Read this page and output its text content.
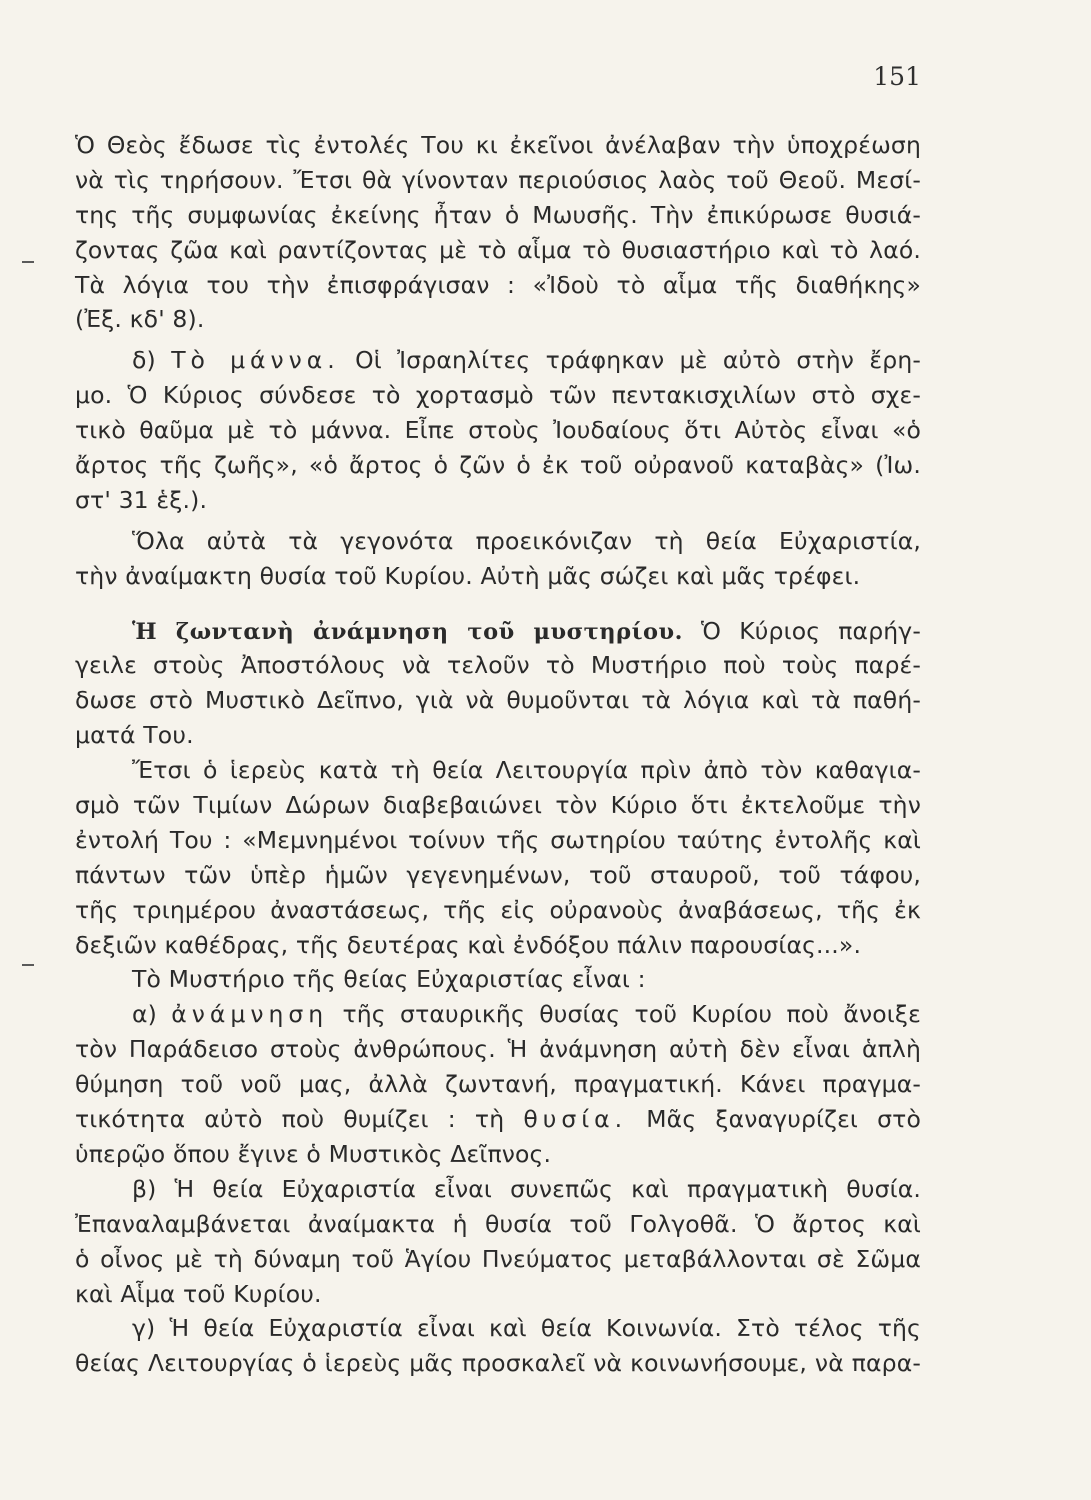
151
Ὁ Θεὸς ἔδωσε τὶς ἐντολές Του κι ἐκεῖνοι ἀνέλαβαν τὴν ὑποχρέωση
νὰ τὶς τηρήσουν. Ἔτσι θὰ γίνονταν περιούσιος λαὸς τοῦ Θεοῦ. Μεσί-
της τῆς συμφωνίας ἐκείνης ἦταν ὁ Μωυσῆς. Τὴν ἐπικύρωσε θυσιά-
ζοντας ζῶα καὶ ραντίζοντας μὲ τὸ αἷμα τὸ θυσιαστήριο καὶ τὸ λαό.
Τὰ λόγια του τὴν ἐπισφράγισαν : «Ἰδοὺ τὸ αἷμα τῆς διαθήκης»
(Ἐξ. κδ' 8).
δ) Τὸ μάννα. Οἱ Ἰσραηλίτες τράφηκαν μὲ αὐτὸ στὴν ἔρη-
μο. Ὁ Κύριος σύνδεσε τὸ χορτασμὸ τῶν πεντακισχιλίων στὸ σχε-
τικὸ θαῦμα μὲ τὸ μάννα. Εἶπε στοὺς Ἰουδαίους ὅτι Αὐτὸς εἶναι «ὁ
ἄρτος τῆς ζωῆς», «ὁ ἄρτος ὁ ζῶν ὁ ἐκ τοῦ οὐρανοῦ καταβὰς» (Ἰω.
στ' 31 ἑξ.).
Ὅλα αὐτὰ τὰ γεγονότα προεικόνιζαν τὴ θεία Εὐχαριστία,
τὴν ἀναίμακτη θυσία τοῦ Κυρίου. Αὐτὴ μᾶς σώζει καὶ μᾶς τρέφει.
Ἡ ζωντανὴ ἀνάμνηση τοῦ μυστηρίου. Ὁ Κύριος παρήγ-
γειλε στοὺς Ἀποστόλους νὰ τελοῦν τὸ Μυστήριο ποὺ τοὺς παρέ-
δωσε στὸ Μυστικὸ Δεῖπνο, γιὰ νὰ θυμοῦνται τὰ λόγια καὶ τὰ παθή-
ματά Του.
Ἔτσι ὁ ἱερεὺς κατὰ τὴ θεία Λειτουργία πρὶν ἀπὸ τὸν καθαγια-
σμὸ τῶν Τιμίων Δώρων διαβεβαιώνει τὸν Κύριο ὅτι ἐκτελοῦμε τὴν
ἐντολή Του : «Μεμνημένοι τοίνυν τῆς σωτηρίου ταύτης ἐντολῆς καὶ
πάντων τῶν ὑπὲρ ἡμῶν γεγενημένων, τοῦ σταυροῦ, τοῦ τάφου,
τῆς τριημέρου ἀναστάσεως, τῆς εἰς οὐρανοὺς ἀναβάσεως, τῆς ἐκ
δεξιῶν καθέδρας, τῆς δευτέρας καὶ ἐνδόξου πάλιν παρουσίας...».
Τὸ Μυστήριο τῆς θείας Εὐχαριστίας εἶναι :
α) ἀνάμνηση τῆς σταυρικῆς θυσίας τοῦ Κυρίου ποὺ ἄνοιξε
τὸν Παράδεισο στοὺς ἀνθρώπους. Ἡ ἀνάμνηση αὐτὴ δὲν εἶναι ἁπλὴ
θύμηση τοῦ νοῦ μας, ἀλλὰ ζωντανή, πραγματική. Κάνει πραγμα-
τικότητα αὐτὸ ποὺ θυμίζει : τὴ θυσία. Μᾶς ξαναγυρίζει στὸ
ὑπερῷο ὅπου ἔγινε ὁ Μυστικὸς Δεῖπνος.
β) Ἡ θεία Εὐχαριστία εἶναι συνεπῶς καὶ πραγματικὴ θυσία.
Ἐπαναλαμβάνεται ἀναίμακτα ἡ θυσία τοῦ Γολγοθᾶ. Ὁ ἄρτος καὶ
ὁ οἶνος μὲ τὴ δύναμη τοῦ Ἁγίου Πνεύματος μεταβάλλονται σὲ Σῶμα
καὶ Αἷμα τοῦ Κυρίου.
γ) Ἡ θεία Εὐχαριστία εἶναι καὶ θεία Κοινωνία. Στὸ τέλος τῆς
θείας Λειτουργίας ὁ ἱερεὺς μᾶς προσκαλεῖ νὰ κοινωνήσουμε, νὰ παρα-
